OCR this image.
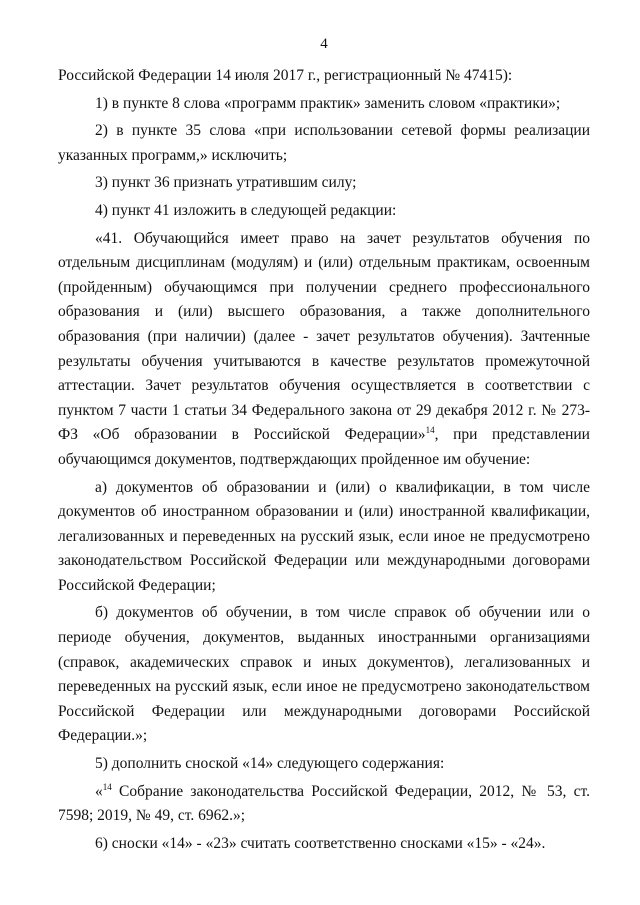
4

Российской Федерации 14 июля 2017 г., регистрационный № 47415):

1) в пункте 8 слова «программ практик» заменить словом «практики»;

2) в пункте 35 слова «при использовании сетевой формы реализации указанных программ,» исключить;

3) пункт 36 признать утратившим силу;

4) пункт 41 изложить в следующей редакции:

«41. Обучающийся имеет право на зачет результатов обучения по отдельным дисциплинам (модулям) и (или) отдельным практикам, освоенным (пройденным) обучающимся при получении среднего профессионального образования и (или) высшего образования, а также дополнительного образования (при наличии) (далее - зачет результатов обучения). Зачтенные результаты обучения учитываются в качестве результатов промежуточной аттестации. Зачет результатов обучения осуществляется в соответствии с пунктом 7 части 1 статьи 34 Федерального закона от 29 декабря 2012 г. № 273-ФЗ «Об образовании в Российской Федерации»$^{14}$, при представлении обучающимся документов, подтверждающих пройденное им обучение:

а) документов об образовании и (или) о квалификации, в том числе документов об иностранном образовании и (или) иностранной квалификации, легализованных и переведенных на русский язык, если иное не предусмотрено законодательством Российской Федерации или международными договорами Российской Федерации;

б) документов об обучении, в том числе справок об обучении или о периоде обучения, документов, выданных иностранными организациями (справок, академических справок и иных документов), легализованных и переведенных на русский язык, если иное не предусмотрено законодательством Российской Федерации или международными договорами Российской Федерации.»;

5) дополнить сноской «14» следующего содержания:

«$^{14}$ Собрание законодательства Российской Федерации, 2012, № 53, ст. 7598; 2019, № 49, ст. 6962.»;

6) сноски «14» - «23» считать соответственно сносками «15» - «24».
